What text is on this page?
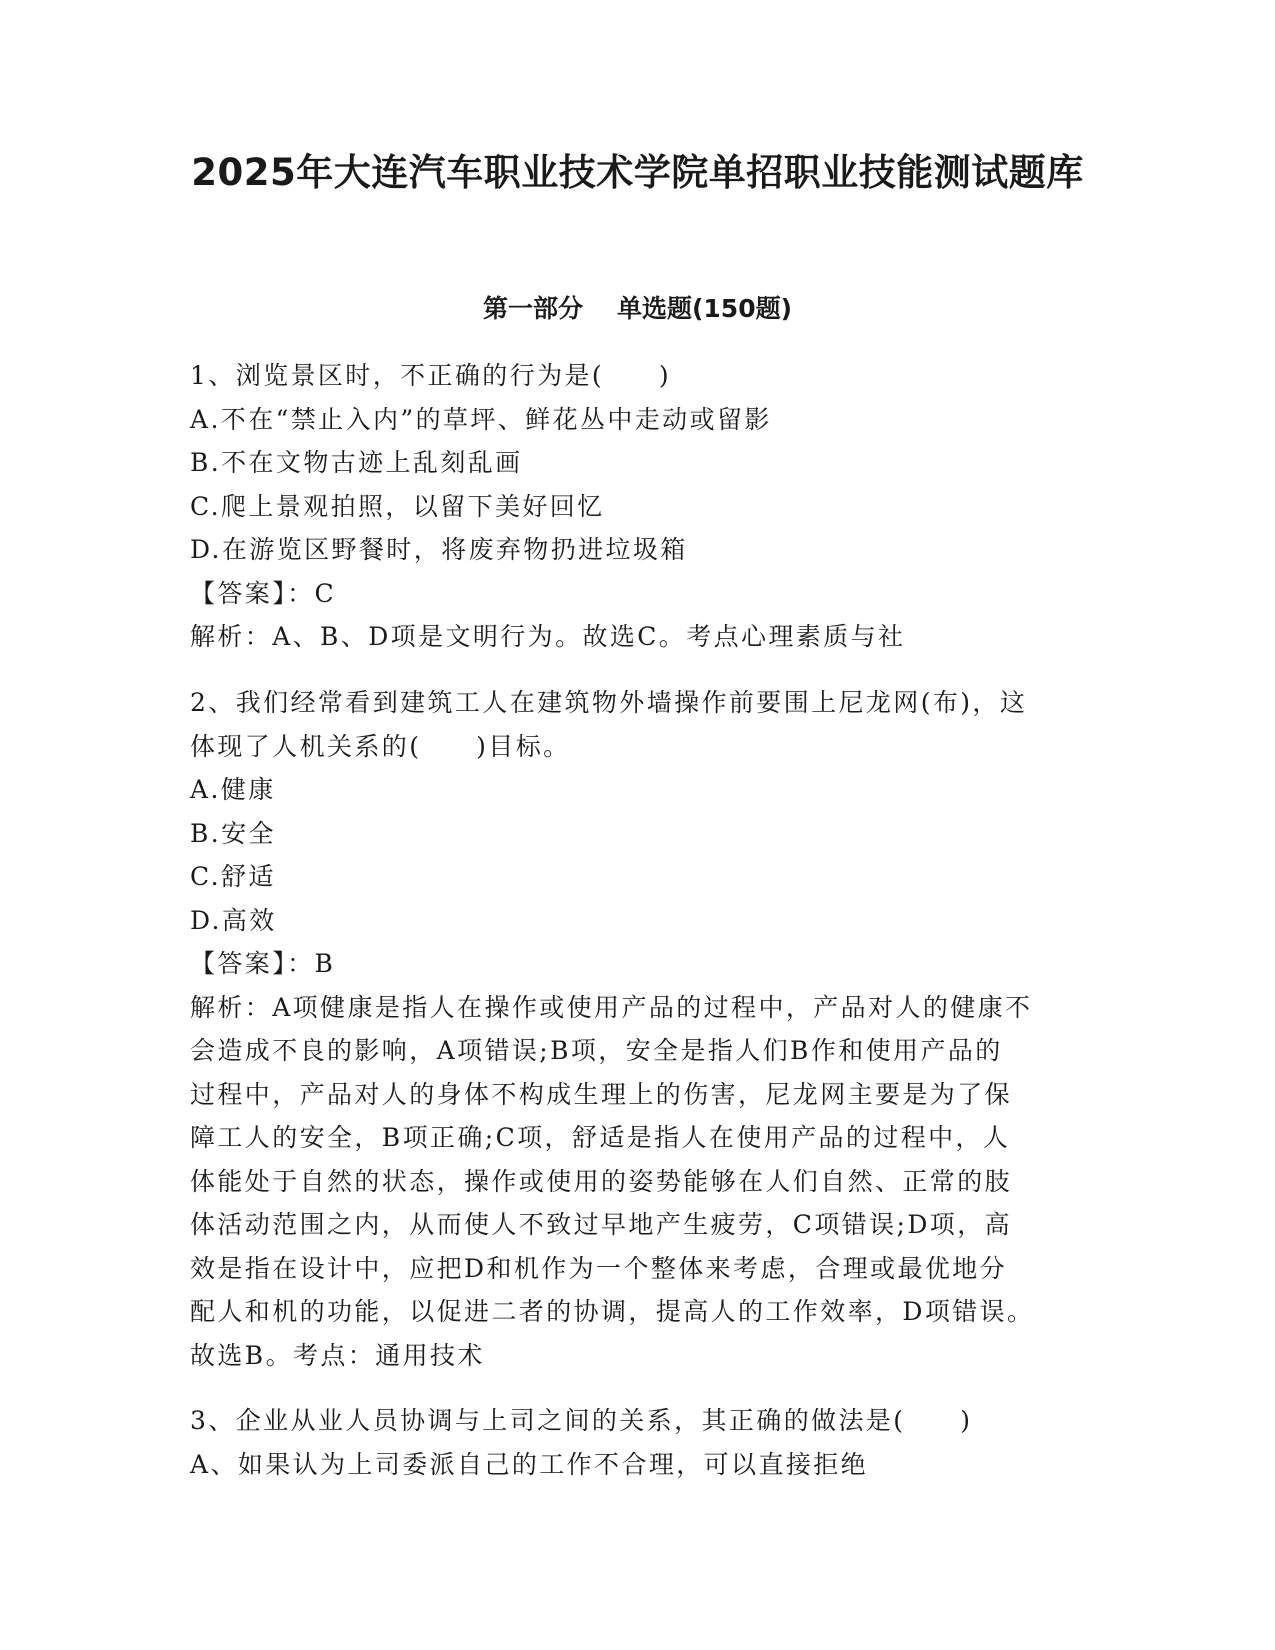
2025年大连汽车职业技术学院单招职业技能测试题库
第一部分 单选题(150题)
1、浏览景区时，不正确的行为是(　　)
A.不在“禁止入内”的草坪、鲜花丛中走动或留影
B.不在文物古迹上乱刻乱画
C.爬上景观拍照，以留下美好回忆
D.在游览区野餐时，将废弃物扔进垃圾箱
【答案】：C
解析：A、B、D项是文明行为。故选C。考点心理素质与社
2、我们经常看到建筑工人在建筑物外墙操作前要围上尼龙网(布)，这
体现了人机关系的(　　)目标。
A.健康
B.安全
C.舒适
D.高效
【答案】：B
解析：A项健康是指人在操作或使用产品的过程中，产品对人的健康不
会造成不良的影响，A项错误;B项，安全是指人们B作和使用产品的
过程中，产品对人的身体不构成生理上的伤害，尼龙网主要是为了保
障工人的安全，B项正确;C项，舒适是指人在使用产品的过程中，人
体能处于自然的状态，操作或使用的姿势能够在人们自然、正常的肢
体活动范围之内，从而使人不致过早地产生疲劳，C项错误;D项，高
效是指在设计中，应把D和机作为一个整体来考虑，合理或最优地分
配人和机的功能，以促进二者的协调，提高人的工作效率，D项错误。
故选B。考点：通用技术
3、企业从业人员协调与上司之间的关系，其正确的做法是(　　)
A、如果认为上司委派自己的工作不合理，可以直接拒绝
